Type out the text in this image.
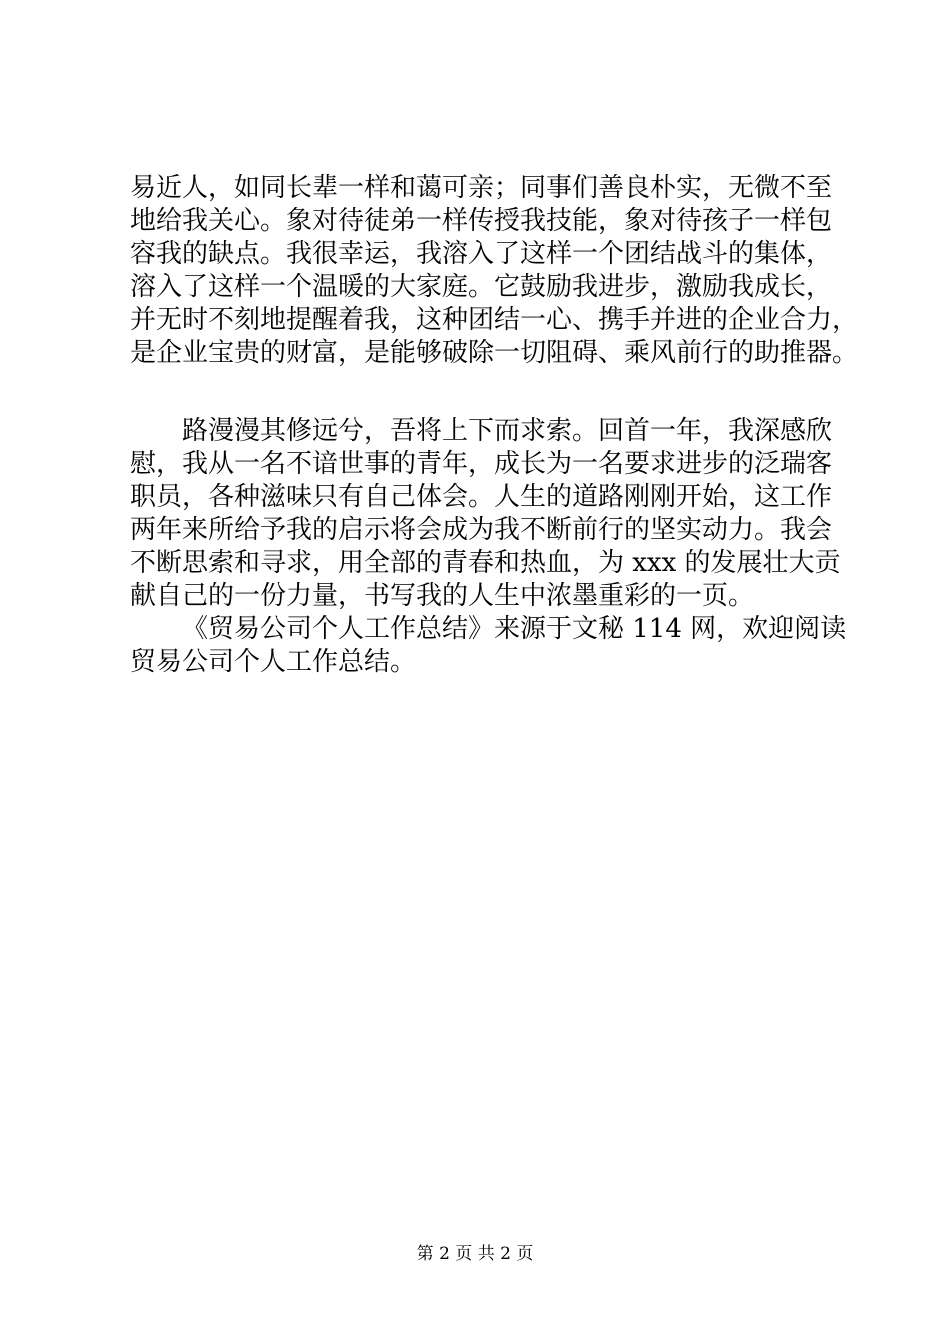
易近人，如同长辈一样和蔼可亲；同事们善良朴实，无微不至
地给我关心。象对待徒弟一样传授我技能，象对待孩子一样包
容我的缺点。我很幸运，我溶入了这样一个团结战斗的集体，
溶入了这样一个温暖的大家庭。它鼓励我进步，激励我成长，
并无时不刻地提醒着我，这种团结一心、携手并进的企业合力，
是企业宝贵的财富，是能够破除一切阻碍、乘风前行的助推器。
路漫漫其修远兮，吾将上下而求索。回首一年，我深感欣
慰，我从一名不谙世事的青年，成长为一名要求进步的泛瑞客
职员，各种滋味只有自己体会。人生的道路刚刚开始，这工作
两年来所给予我的启示将会成为我不断前行的坚实动力。我会
不断思索和寻求，用全部的青春和热血，为 xxx 的发展壮大贡
献自己的一份力量，书写我的人生中浓墨重彩的一页。
《贸易公司个人工作总结》来源于文秘 114 网，欢迎阅读
贸易公司个人工作总结。
第 2 页 共 2 页
